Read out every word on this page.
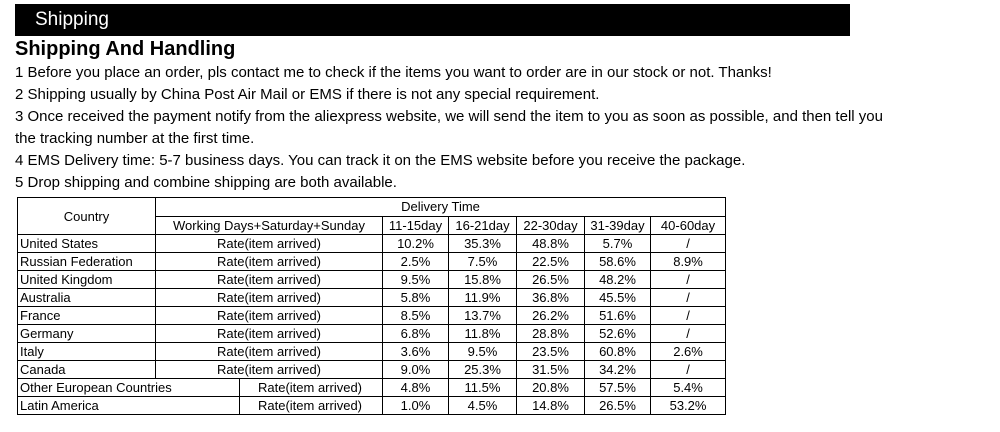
Shipping
Shipping And Handling
1 Before you place an order, pls contact me to check if the items you want to order are in our stock or not. Thanks!
2 Shipping usually by China Post Air Mail or EMS if there is not any special requirement.
3 Once received the payment notify from the aliexpress website, we will send the item to you as soon as possible, and then tell you
the tracking number at the first time.
4 EMS Delivery time: 5-7 business days. You can track it on the EMS website before you receive the package.
5 Drop shipping and combine shipping are both available.
Country	Delivery Time						
	Working Days+Saturday+Sunday		11-15day	16-21day	22-30day	31-39day	40-60day
United States	Rate(item arrived)		10.2%	35.3%	48.8%	5.7%	/
Russian Federation	Rate(item arrived)		2.5%	7.5%	22.5%	58.6%	8.9%
United Kingdom	Rate(item arrived)		9.5%	15.8%	26.5%	48.2%	/
Australia	Rate(item arrived)		5.8%	11.9%	36.8%	45.5%	/
France	Rate(item arrived)		8.5%	13.7%	26.2%	51.6%	/
Germany	Rate(item arrived)		6.8%	11.8%	28.8%	52.6%	/
Italy	Rate(item arrived)		3.6%	9.5%	23.5%	60.8%	2.6%
Canada	Rate(item arrived)		9.0%	25.3%	31.5%	34.2%	/
Other European Countries		Rate(item arrived)	4.8%	11.5%	20.8%	57.5%	5.4%
Latin America		Rate(item arrived)	1.0%	4.5%	14.8%	26.5%	53.2%
